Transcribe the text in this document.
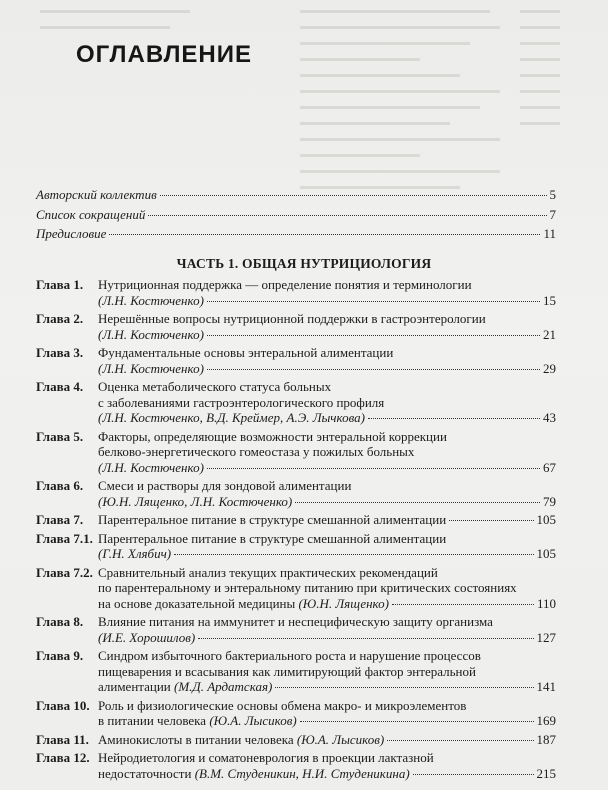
ОГЛАВЛЕНИЕ
Авторский коллектив	5
Список сокращений	7
Предисловие	11
ЧАСТЬ 1. ОБЩАЯ НУТРИЦИОЛОГИЯ
Глава 1.	Нутриционная поддержка — определение понятия и терминологии
(Л.Н. Костюченко)	15
Глава 2.	Нерешённые вопросы нутриционной поддержки в гастроэнтерологии
(Л.Н. Костюченко)	21
Глава 3.	Фундаментальные основы энтеральной алиментации
(Л.Н. Костюченко)	29
Глава 4.	Оценка метаболического статуса больных
с заболеваниями гастроэнтерологического профиля
(Л.Н. Костюченко, В.Д. Креймер, А.Э. Лычкова)	43
Глава 5.	Факторы, определяющие возможности энтеральной коррекции
белково-энергетического гомеостаза у пожилых больных
(Л.Н. Костюченко)	67
Глава 6.	Смеси и растворы для зондовой алиментации
(Ю.Н. Лященко, Л.Н. Костюченко)	79
Глава 7.	Парентеральное питание в структуре смешанной алиментации	105
Глава 7.1. Парентеральное питание в структуре смешанной алиментации
(Г.Н. Хлябич)	105
Глава 7.2. Сравнительный анализ текущих практических рекомендаций
по парентеральному и энтеральному питанию при критических состояниях
на основе доказательной медицины (Ю.Н. Лященко)	110
Глава 8.	Влияние питания на иммунитет и неспецифическую защиту организма
(И.Е. Хорошилов)	127
Глава 9.	Синдром избыточного бактериального роста и нарушение процессов
пищеварения и всасывания как лимитирующий фактор энтеральной
алиментации (М.Д. Ардатская)	141
Глава 10. Роль и физиологические основы обмена макро- и микроэлементов
в питании человека (Ю.А. Лысиков)	169
Глава 11. Аминокислоты в питании человека (Ю.А. Лысиков)	187
Глава 12. Нейродиетология и соматоневрология в проекции лактазной
недостаточности (В.М. Студеникин, Н.И. Студеникина)	215
